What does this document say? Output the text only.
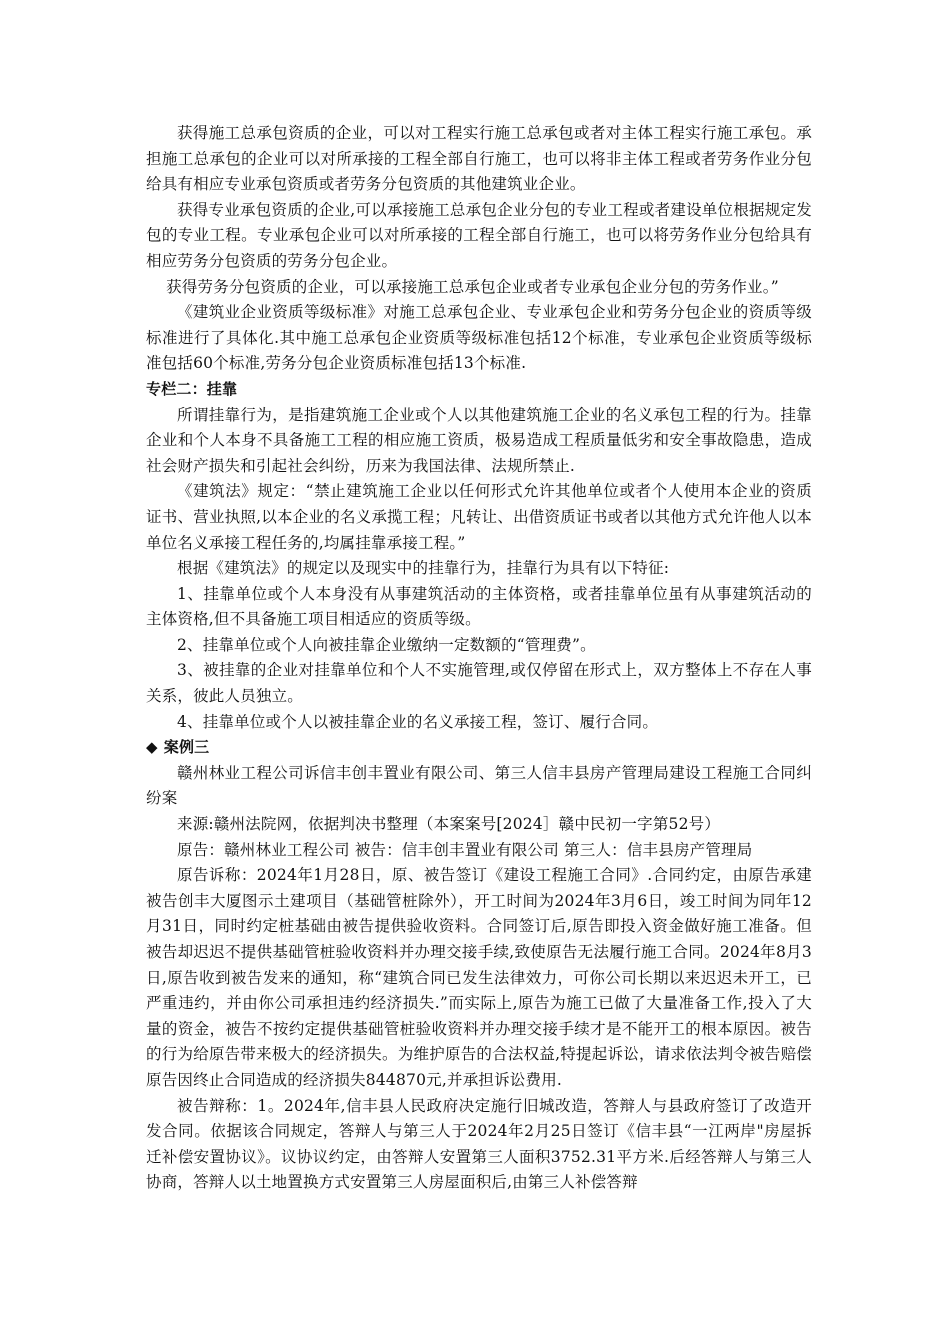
获得施工总承包资质的企业，可以对工程实行施工总承包或者对主体工程实行施工承包。承担施工总承包的企业可以对所承接的工程全部自行施工，也可以将非主体工程或者劳务作业分包给具有相应专业承包资质或者劳务分包资质的其他建筑业企业。

获得专业承包资质的企业,可以承接施工总承包企业分包的专业工程或者建设单位根据规定发包的专业工程。专业承包企业可以对所承接的工程全部自行施工，也可以将劳务作业分包给具有相应劳务分包资质的劳务分包企业。

获得劳务分包资质的企业，可以承接施工总承包企业或者专业承包企业分包的劳务作业。”

《建筑业企业资质等级标准》对施工总承包企业、专业承包企业和劳务分包企业的资质等级标准进行了具体化.其中施工总承包企业资质等级标准包括12个标准，专业承包企业资质等级标准包括60个标准,劳务分包企业资质标准包括13个标准.

专栏二：挂靠

所谓挂靠行为，是指建筑施工企业或个人以其他建筑施工企业的名义承包工程的行为。挂靠企业和个人本身不具备施工工程的相应施工资质，极易造成工程质量低劣和安全事故隐患，造成社会财产损失和引起社会纠纷，历来为我国法律、法规所禁止.

《建筑法》规定：“禁止建筑施工企业以任何形式允许其他单位或者个人使用本企业的资质证书、营业执照,以本企业的名义承揽工程；凡转让、出借资质证书或者以其他方式允许他人以本单位名义承接工程任务的,均属挂靠承接工程。”

根据《建筑法》的规定以及现实中的挂靠行为，挂靠行为具有以下特征:

1、挂靠单位或个人本身没有从事建筑活动的主体资格，或者挂靠单位虽有从事建筑活动的主体资格,但不具备施工项目相适应的资质等级。

2、挂靠单位或个人向被挂靠企业缴纳一定数额的“管理费”。

3、被挂靠的企业对挂靠单位和个人不实施管理,或仅停留在形式上，双方整体上不存在人事关系，彼此人员独立。

4、挂靠单位或个人以被挂靠企业的名义承接工程，签订、履行合同。

◆ 案例三

赣州林业工程公司诉信丰创丰置业有限公司、第三人信丰县房产管理局建设工程施工合同纠纷案

来源:赣州法院网，依据判决书整理（本案案号[2024］赣中民初一字第52号）

原告：赣州林业工程公司 被告：信丰创丰置业有限公司 第三人：信丰县房产管理局

原告诉称：2024年1月28日，原、被告签订《建设工程施工合同》.合同约定，由原告承建被告创丰大厦图示土建项目（基础管桩除外），开工时间为2024年3月6日，竣工时间为同年12月31日，同时约定桩基础由被告提供验收资料。合同签订后,原告即投入资金做好施工准备。但被告却迟迟不提供基础管桩验收资料并办理交接手续,致使原告无法履行施工合同。2024年8月3日,原告收到被告发来的通知，称“建筑合同已发生法律效力，可你公司长期以来迟迟未开工，已严重违约，并由你公司承担违约经济损失.”而实际上,原告为施工已做了大量准备工作,投入了大量的资金，被告不按约定提供基础管桩验收资料并办理交接手续才是不能开工的根本原因。被告的行为给原告带来极大的经济损失。为维护原告的合法权益,特提起诉讼，请求依法判令被告赔偿原告因终止合同造成的经济损失844870元,并承担诉讼费用.

被告辩称：1。2024年,信丰县人民政府决定施行旧城改造，答辩人与县政府签订了改造开发合同。依据该合同规定，答辩人与第三人于2024年2月25日签订《信丰县“一江两岸"房屋拆迁补偿安置协议》。议协议约定，由答辩人安置第三人面积3752.31平方米.后经答辩人与第三人协商，答辩人以土地置换方式安置第三人房屋面积后,由第三人补偿答辩
